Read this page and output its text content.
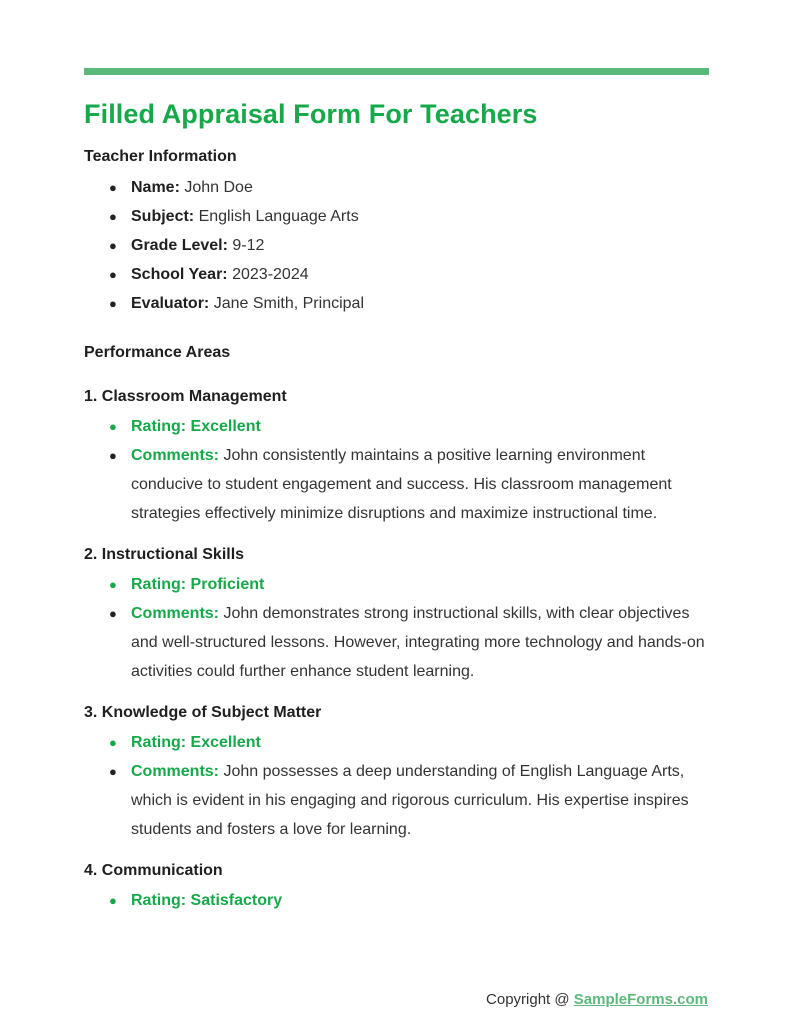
Filled Appraisal Form For Teachers

Teacher Information

● Name: John Doe
● Subject: English Language Arts
● Grade Level: 9-12
● School Year: 2023-2024
● Evaluator: Jane Smith, Principal

Performance Areas

1. Classroom Management

● Rating: Excellent
● Comments: John consistently maintains a positive learning environment conducive to student engagement and success. His classroom management strategies effectively minimize disruptions and maximize instructional time.

2. Instructional Skills

● Rating: Proficient
● Comments: John demonstrates strong instructional skills, with clear objectives and well-structured lessons. However, integrating more technology and hands-on activities could further enhance student learning.

3. Knowledge of Subject Matter

● Rating: Excellent
● Comments: John possesses a deep understanding of English Language Arts, which is evident in his engaging and rigorous curriculum. His expertise inspires students and fosters a love for learning.

4. Communication

● Rating: Satisfactory
Copyright @ SampleForms.com
